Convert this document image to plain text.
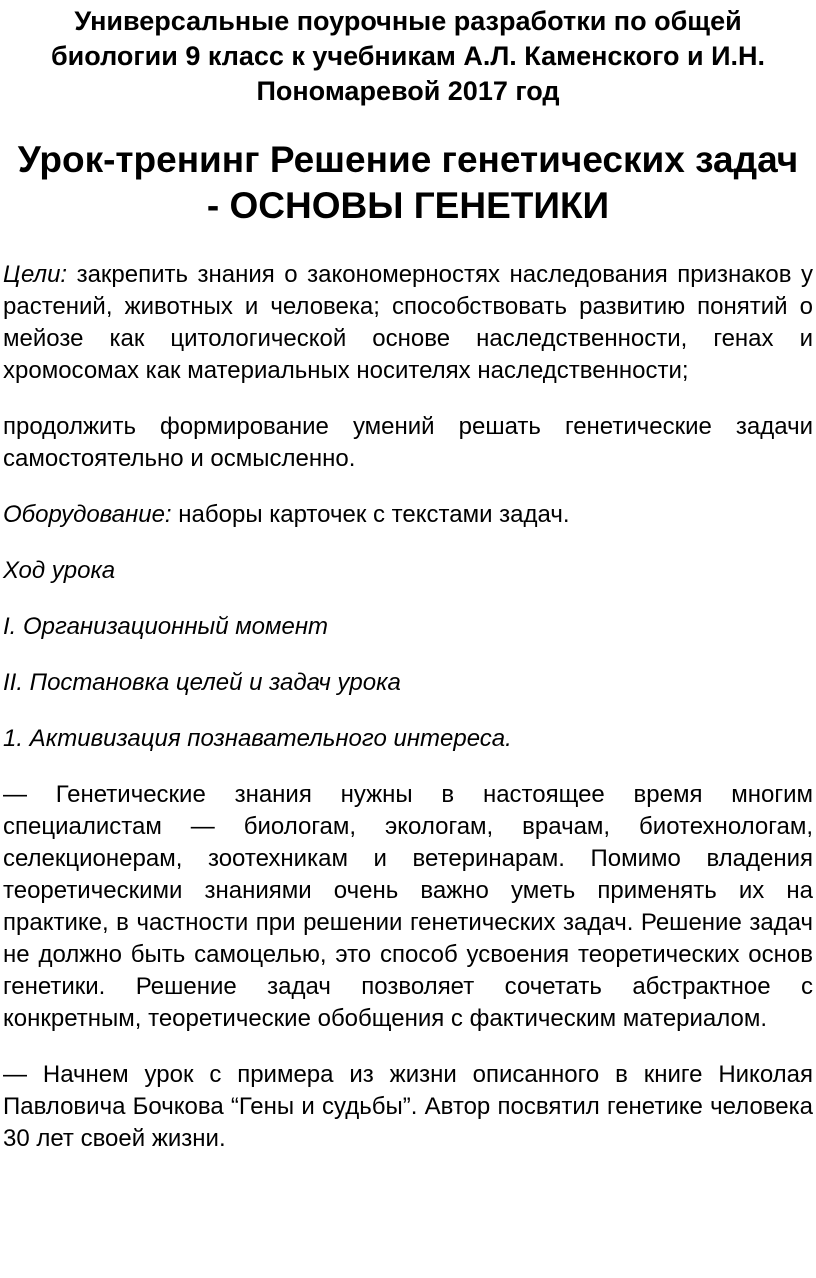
Универсальные поурочные разработки по общей биологии 9 класс к учебникам А.Л. Каменского и И.Н. Пономаревой 2017 год
Урок-тренинг Решение генетических задач - ОСНОВЫ ГЕНЕТИКИ

Цели: закрепить знания о закономерностях наследования признаков у растений, животных и человека; способствовать развитию понятий о мейозе как цитологической основе наследственности, генах и хромосомах как материальных носителях наследственности;

продолжить формирование умений решать генетические задачи самостоятельно и осмысленно.

Оборудование: наборы карточек с текстами задач.

Ход урока

I. Организационный момент

II. Постановка целей и задач урока

1. Активизация познавательного интереса.

— Генетические знания нужны в настоящее время многим специалистам — биологам, экологам, врачам, биотехнологам, селекционерам, зоотехникам и ветеринарам. Помимо владения теоретическими знаниями очень важно уметь применять их на практике, в частности при решении генетических задач. Решение задач не должно быть самоцелью, это способ усвоения теоретических основ генетики. Решение задач позволяет сочетать абстрактное с конкретным, теоретические обобщения с фактическим материалом.

— Начнем урок с примера из жизни описанного в книге Николая Павловича Бочкова “Гены и судьбы”. Автор посвятил генетике человека 30 лет своей жизни.
